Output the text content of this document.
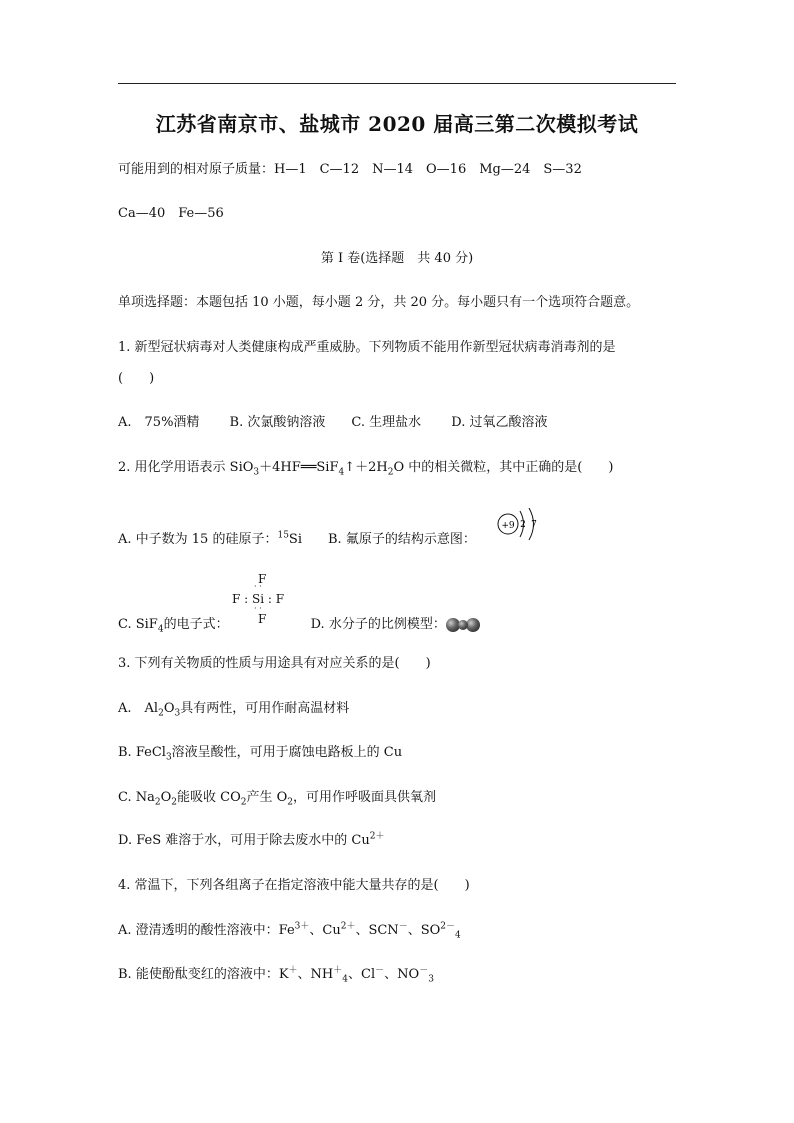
江苏省南京市、盐城市 2020 届高三第二次模拟考试
可能用到的相对原子质量：H—1　C—12　N—14　O—16　Mg—24　S—32
Ca—40　Fe—56
第 I 卷(选择题　共 40 分)
单项选择题：本题包括 10 小题，每小题 2 分，共 20 分。每小题只有一个选项符合题意。
1. 新型冠状病毒对人类健康构成严重威胁。下列物质不能用作新型冠状病毒消毒剂的是
(　　)
A.　75%酒精　　 B. 次氯酸钠溶液　　C. 生理盐水　　 D. 过氧乙酸溶液
2. 用化学用语表示 $SiO_3+4HF══SiF_4↑+2H_2O$ 中的相关微粒，其中正确的是(　　)
A. 中子数为 15 的硅原子：$^{15}$Si B. 氟原子的结构示意图：
+9 2 7
F
· ·
F : Si : F
· ·
F
C. SiF$_4$的电子式：	D. 水分子的比例模型：
3. 下列有关物质的性质与用途具有对应关系的是(　　)
A.　$Al_2O_3$具有两性，可用作耐高温材料
B. FeCl$_3$溶液呈酸性，可用于腐蚀电路板上的 Cu
C. $Na_2O_2$能吸收 $CO_2$产生 $O_2$，可用作呼吸面具供氧剂
D. FeS 难溶于水，可用于除去废水中的 $Cu^{2+}$
4. 常温下，下列各组离子在指定溶液中能大量共存的是(　　)
A. 澄清透明的酸性溶液中：$Fe^{3+}$、$Cu^{2+}$、SCN－、$SO^{2-}_4$
B. 能使酚酞变红的溶液中：K＋、$NH^+_4$、Cl－、$NO^-_3$
